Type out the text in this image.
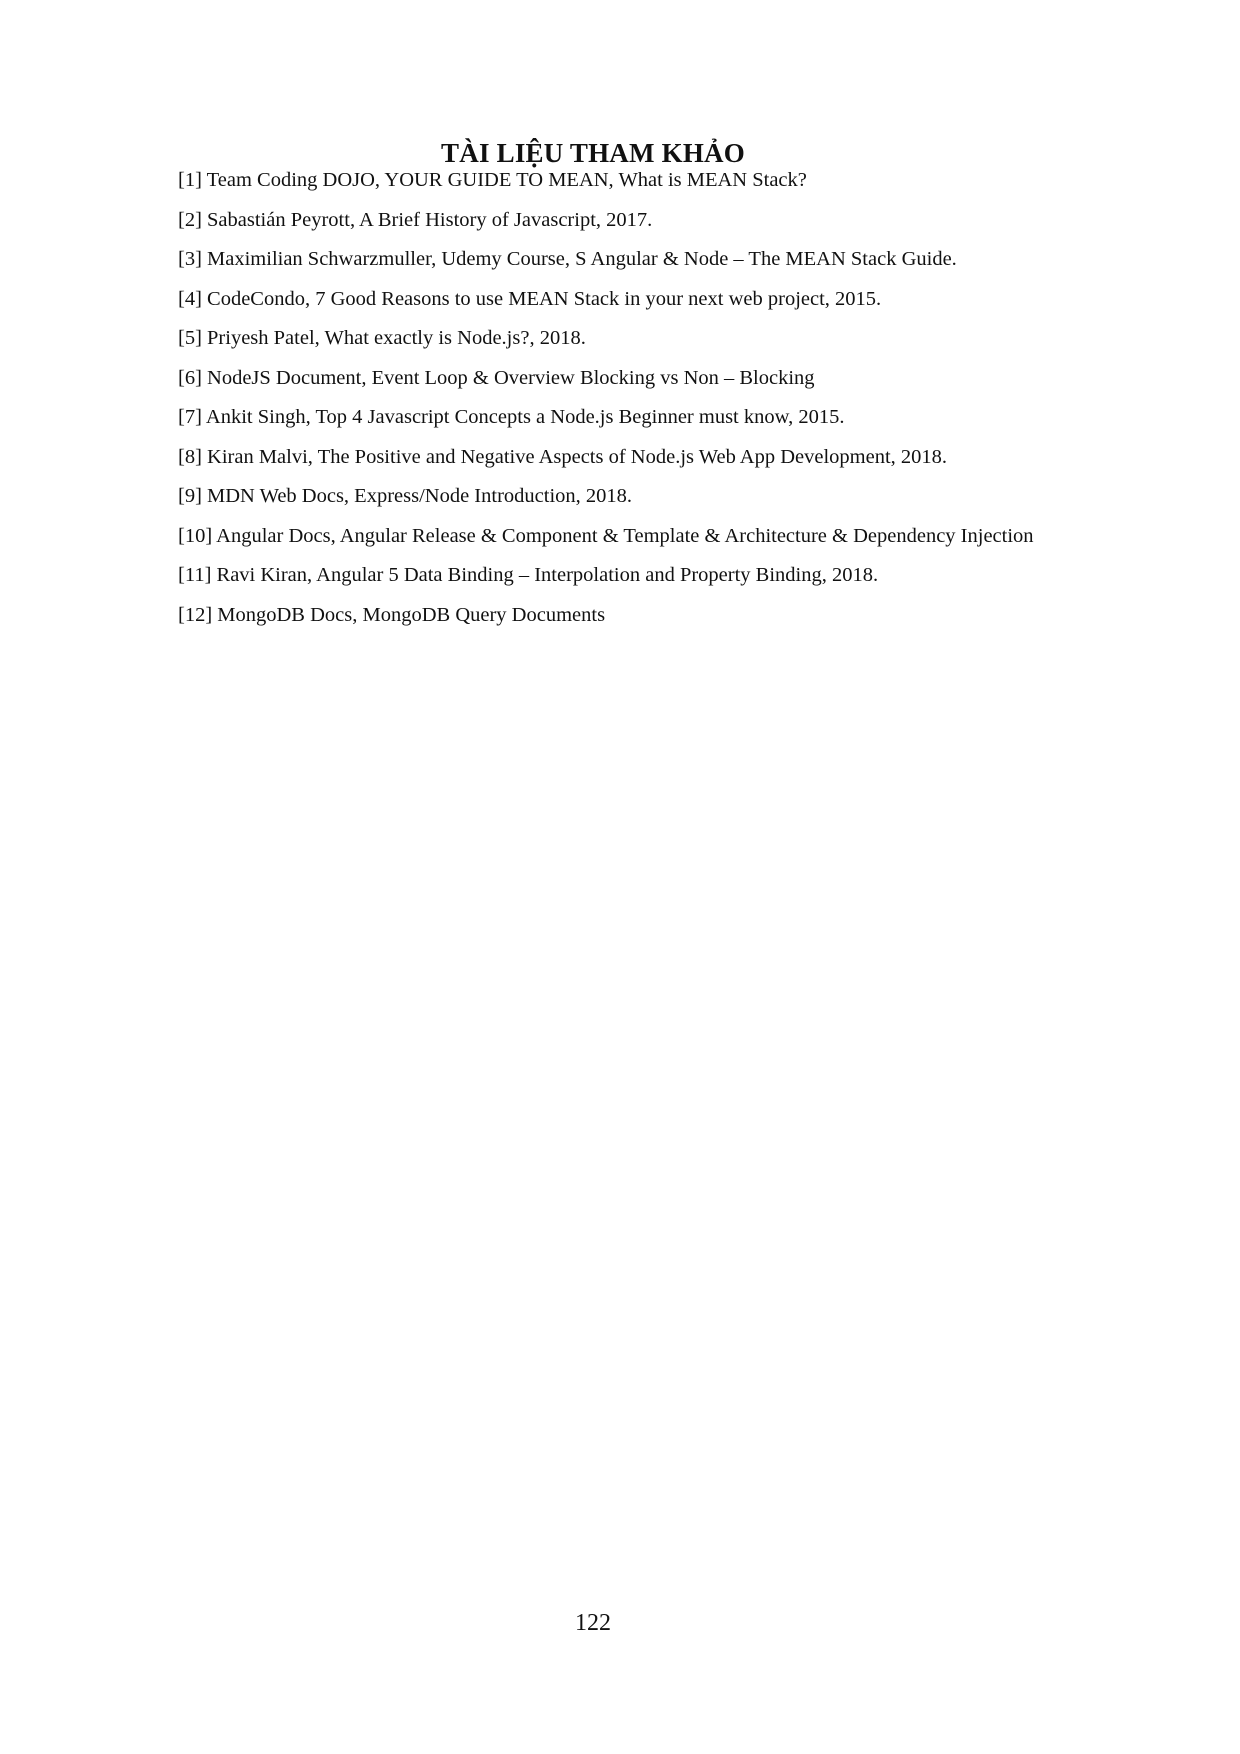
TÀI LIỆU THAM KHẢO
[1] Team Coding DOJO, YOUR GUIDE TO MEAN, What is MEAN Stack?
[2] Sabastián Peyrott, A Brief History of Javascript, 2017.
[3] Maximilian Schwarzmuller, Udemy Course, S Angular & Node – The MEAN Stack Guide.
[4] CodeCondo, 7 Good Reasons to use MEAN Stack in your next web project, 2015.
[5] Priyesh Patel, What exactly is Node.js?, 2018.
[6] NodeJS Document, Event Loop & Overview Blocking vs Non – Blocking
[7] Ankit Singh, Top 4 Javascript Concepts a Node.js Beginner must know, 2015.
[8] Kiran Malvi, The Positive and Negative Aspects of Node.js Web App Development, 2018.
[9] MDN Web Docs, Express/Node Introduction, 2018.
[10] Angular Docs, Angular Release & Component & Template & Architecture & Dependency Injection
[11] Ravi Kiran, Angular 5 Data Binding – Interpolation and Property Binding, 2018.
[12] MongoDB Docs, MongoDB Query Documents
122
